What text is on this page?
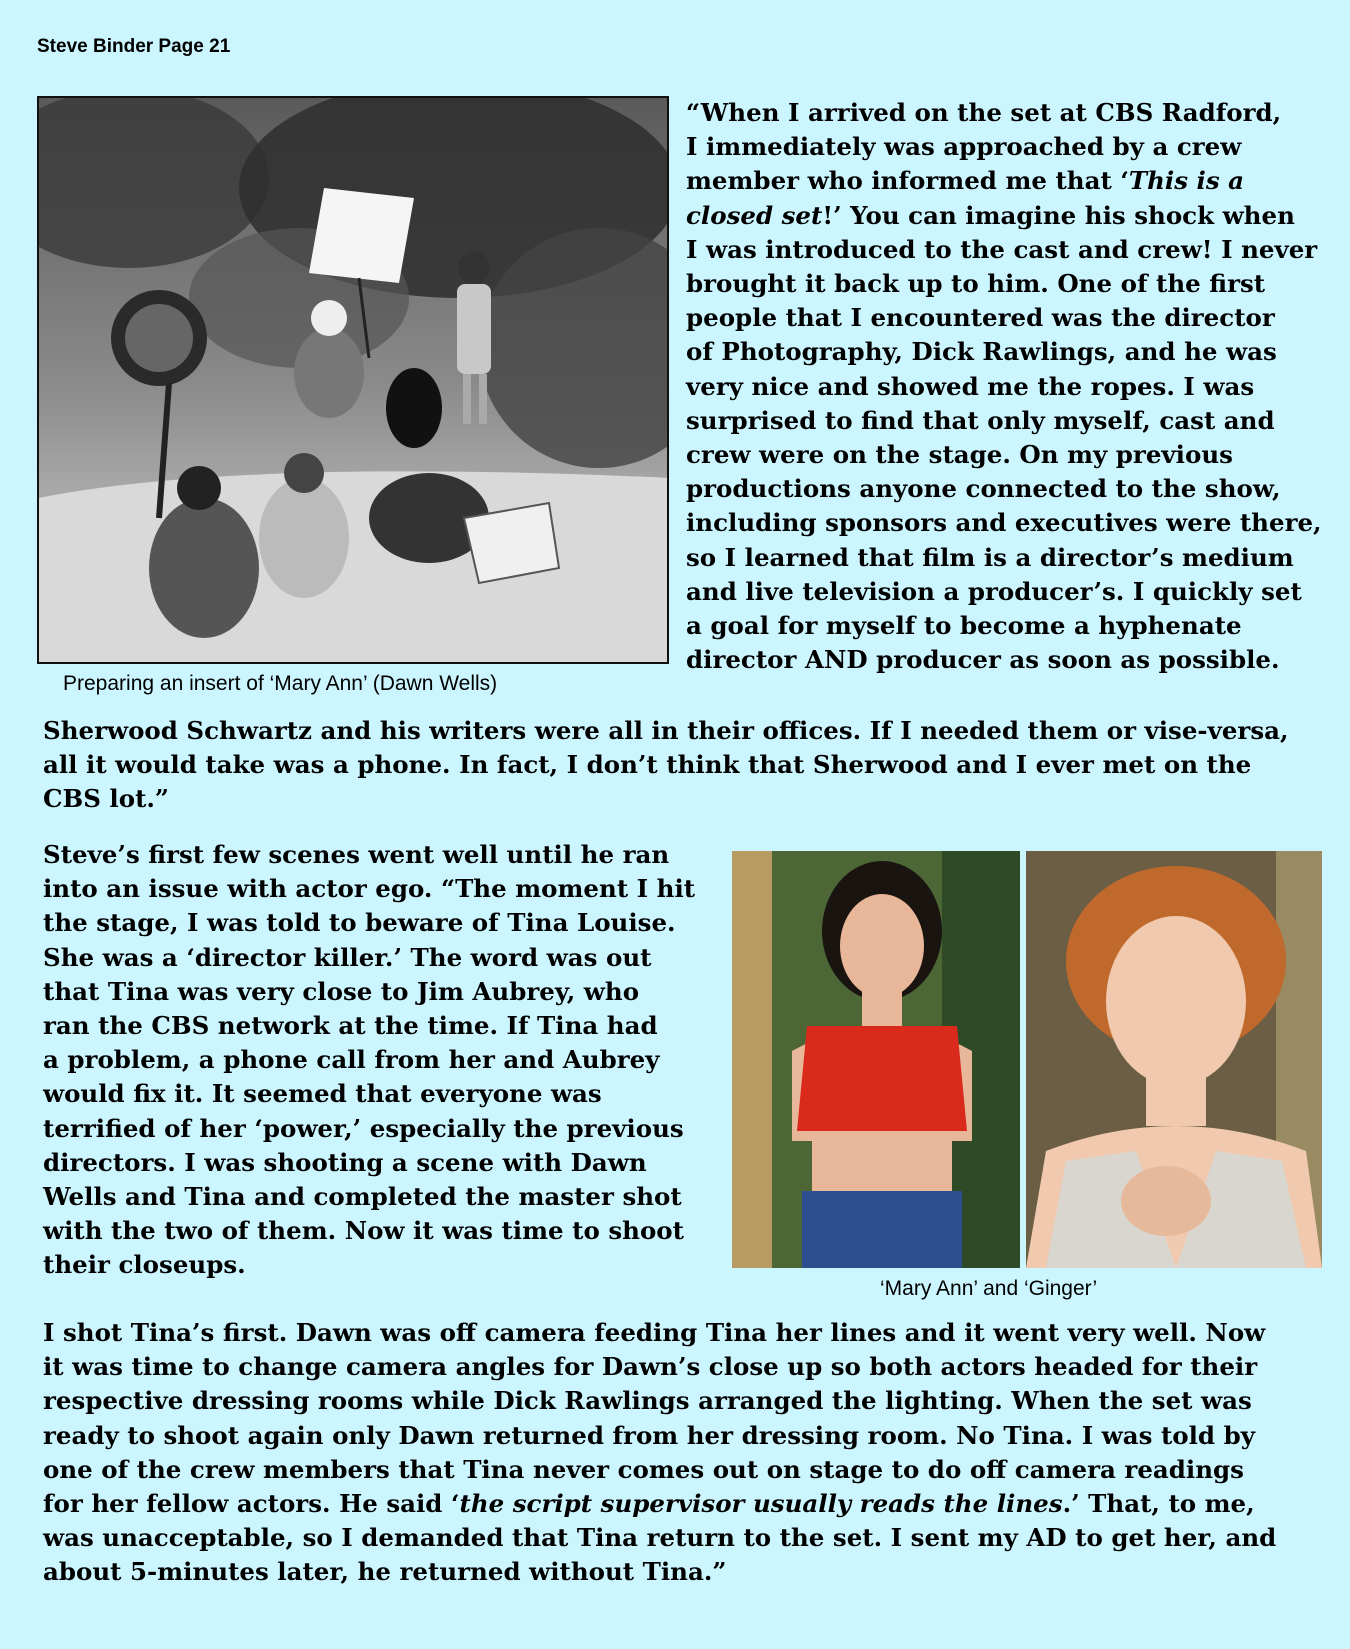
Steve Binder Page 21
Preparing an insert of ‘Mary Ann’ (Dawn Wells)
“When I arrived on the set at CBS Radford,
I immediately was approached by a crew
member who informed me that ‘This is a
closed set!’ You can imagine his shock when
I was introduced to the cast and crew! I never
brought it back up to him. One of the first
people that I encountered was the director
of Photography, Dick Rawlings, and he was
very nice and showed me the ropes. I was
surprised to find that only myself, cast and
crew were on the stage. On my previous
productions anyone connected to the show,
including sponsors and executives were there,
so I learned that film is a director’s medium
and live television a producer’s. I quickly set
a goal for myself to become a hyphenate
director AND producer as soon as possible.
Sherwood Schwartz and his writers were all in their offices. If I needed them or vise-versa,
all it would take was a phone. In fact, I don’t think that Sherwood and I ever met on the
CBS lot.”
Steve’s first few scenes went well until he ran
into an issue with actor ego. “The moment I hit
the stage, I was told to beware of Tina Louise.
She was a ‘director killer.’ The word was out
that Tina was very close to Jim Aubrey, who
ran the CBS network at the time. If Tina had
a problem, a phone call from her and Aubrey
would fix it. It seemed that everyone was
terrified of her ‘power,’ especially the previous
directors. I was shooting a scene with Dawn
Wells and Tina and completed the master shot
with the two of them. Now it was time to shoot
their closeups.
‘Mary Ann’ and ‘Ginger’
I shot Tina’s first. Dawn was off camera feeding Tina her lines and it went very well. Now
it was time to change camera angles for Dawn’s close up so both actors headed for their
respective dressing rooms while Dick Rawlings arranged the lighting. When the set was
ready to shoot again only Dawn returned from her dressing room. No Tina. I was told by
one of the crew members that Tina never comes out on stage to do off camera readings
for her fellow actors. He said ‘the script supervisor usually reads the lines.’ That, to me,
was unacceptable, so I demanded that Tina return to the set. I sent my AD to get her, and
about 5-minutes later, he returned without Tina.”
